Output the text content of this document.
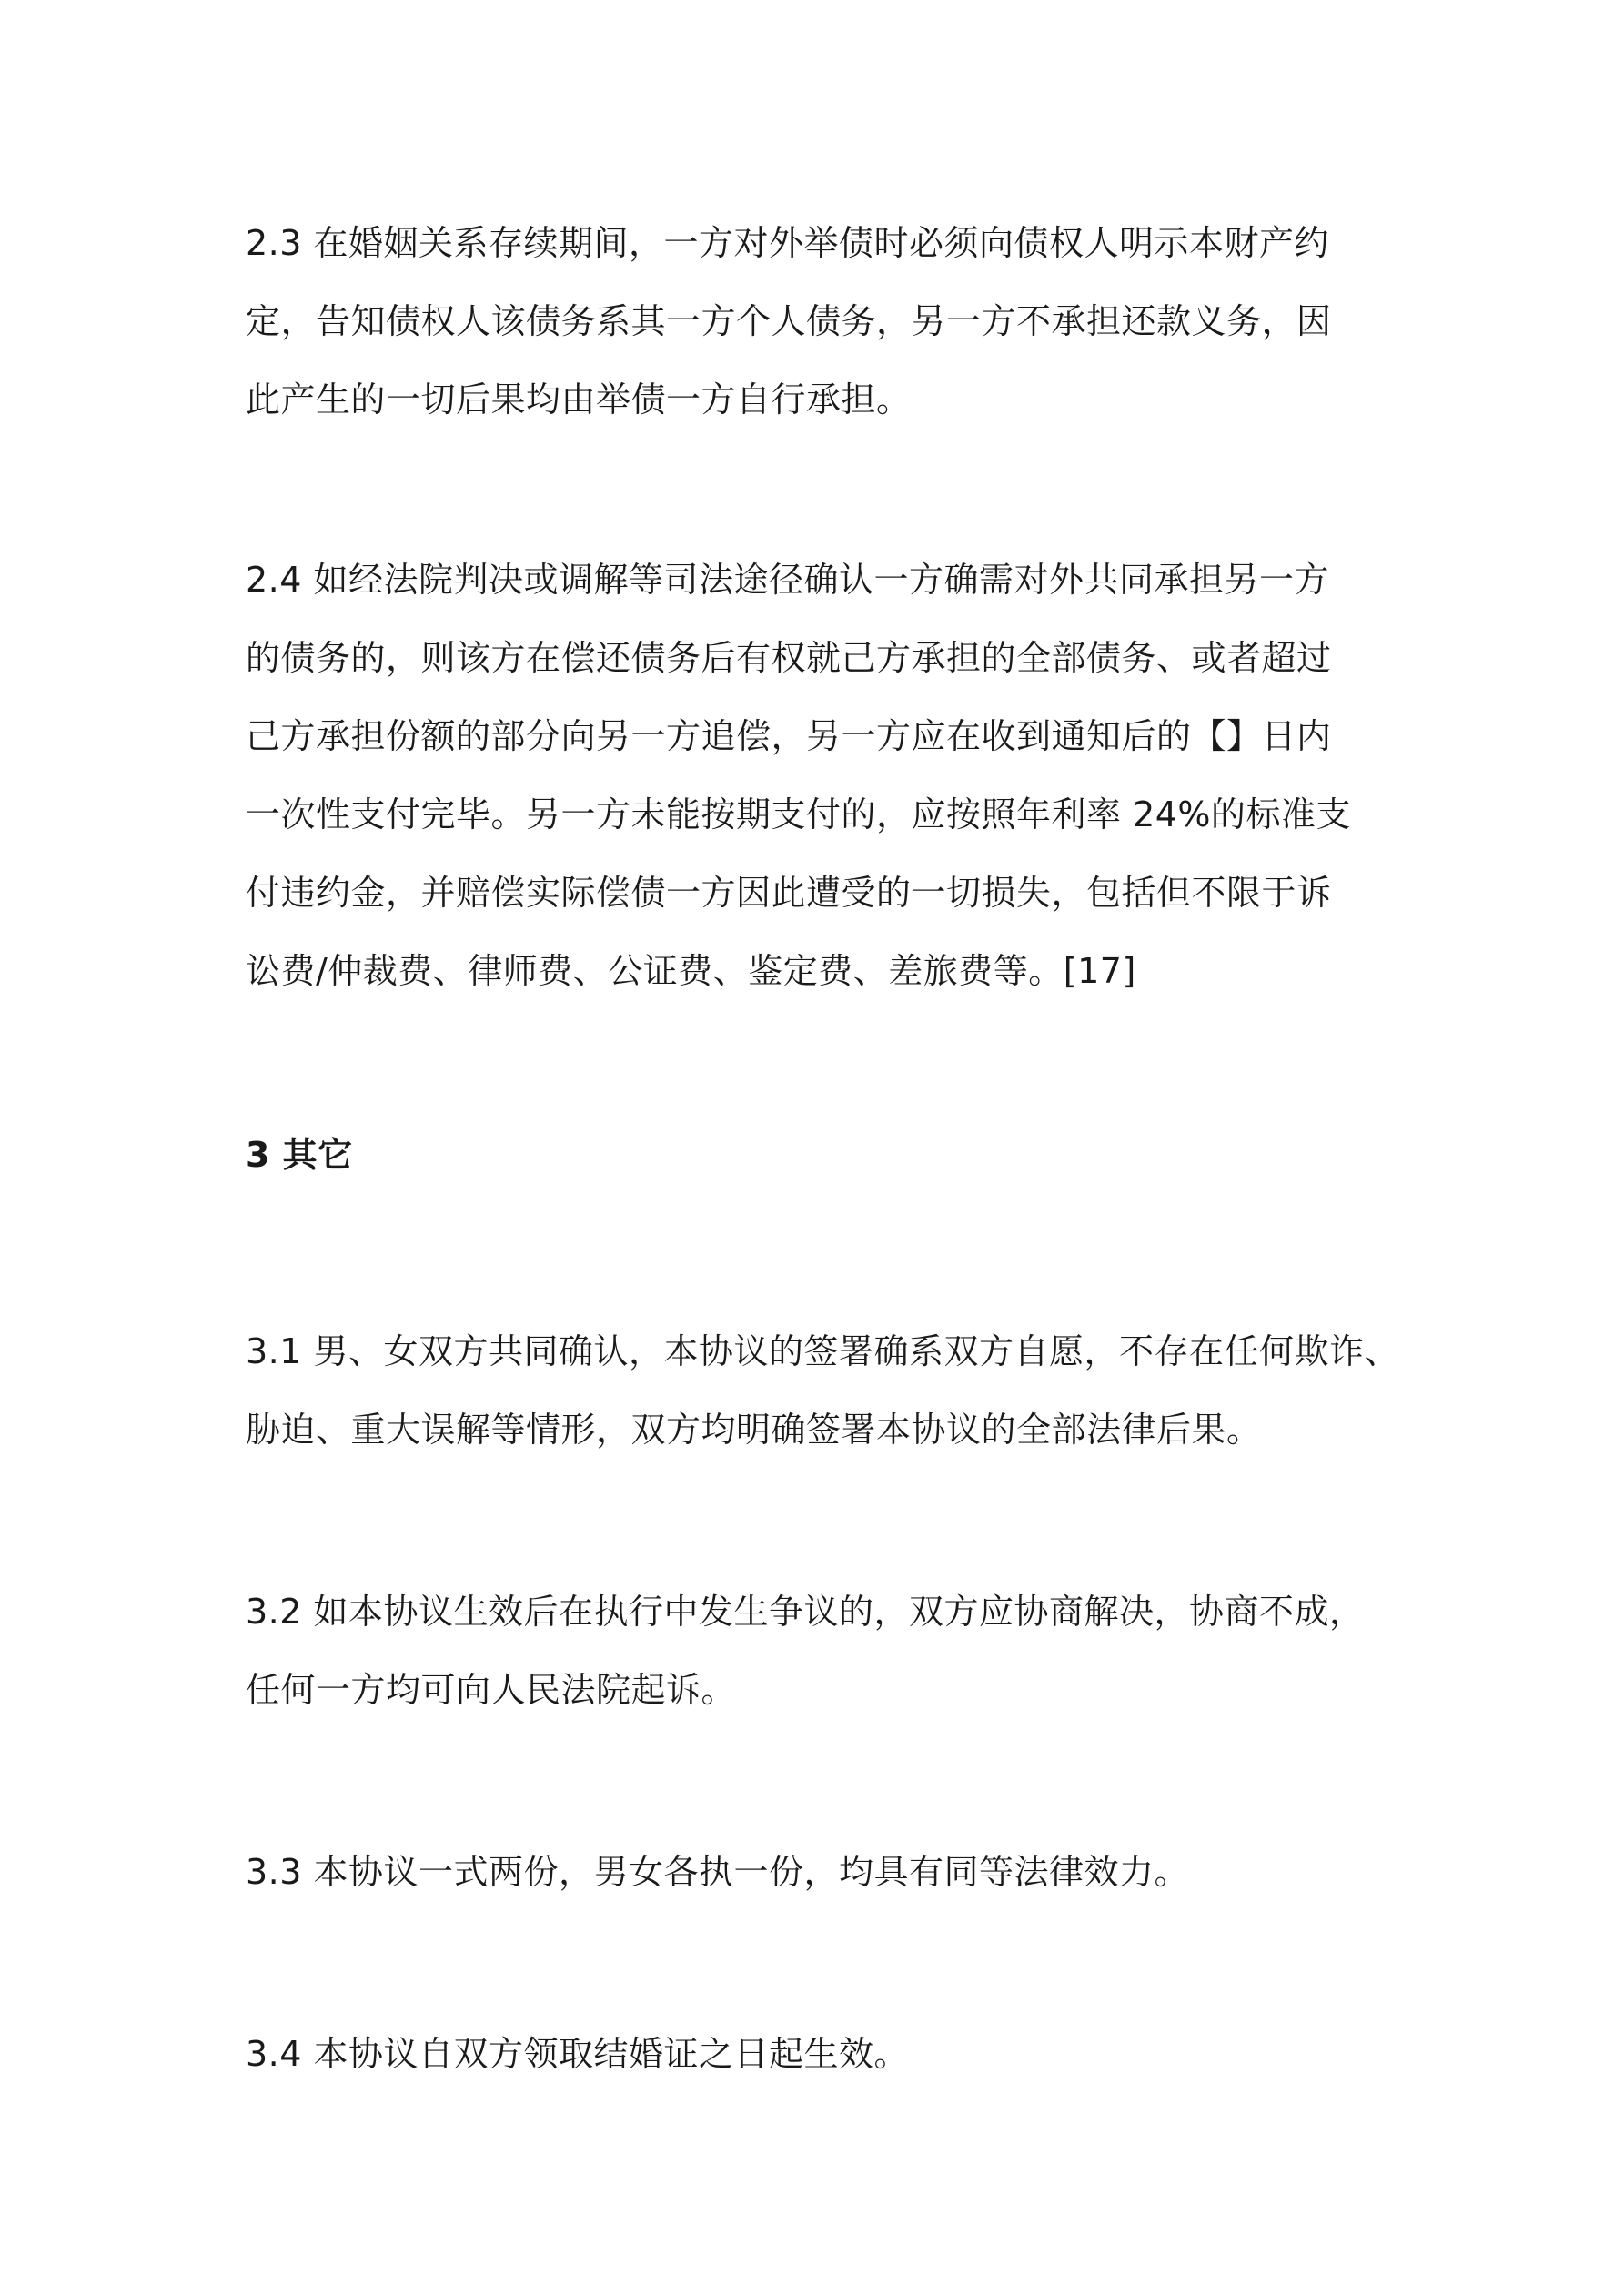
2.3 在婚姻关系存续期间，一方对外举债时必须向债权人明示本财产约
定，告知债权人该债务系其一方个人债务，另一方不承担还款义务，因
此产生的一切后果均由举债一方自行承担。
2.4 如经法院判决或调解等司法途径确认一方确需对外共同承担另一方
的债务的，则该方在偿还债务后有权就己方承担的全部债务、或者超过
己方承担份额的部分向另一方追偿，另一方应在收到通知后的【】日内
一次性支付完毕。另一方未能按期支付的，应按照年利率 24%的标准支
付违约金，并赔偿实际偿债一方因此遭受的一切损失，包括但不限于诉
讼费/仲裁费、律师费、公证费、鉴定费、差旅费等。[17]
3 其它
3.1 男、女双方共同确认，本协议的签署确系双方自愿，不存在任何欺诈、
胁迫、重大误解等情形，双方均明确签署本协议的全部法律后果。
3.2 如本协议生效后在执行中发生争议的，双方应协商解决，协商不成，
任何一方均可向人民法院起诉。
3.3 本协议一式两份，男女各执一份，均具有同等法律效力。
3.4 本协议自双方领取结婚证之日起生效。
